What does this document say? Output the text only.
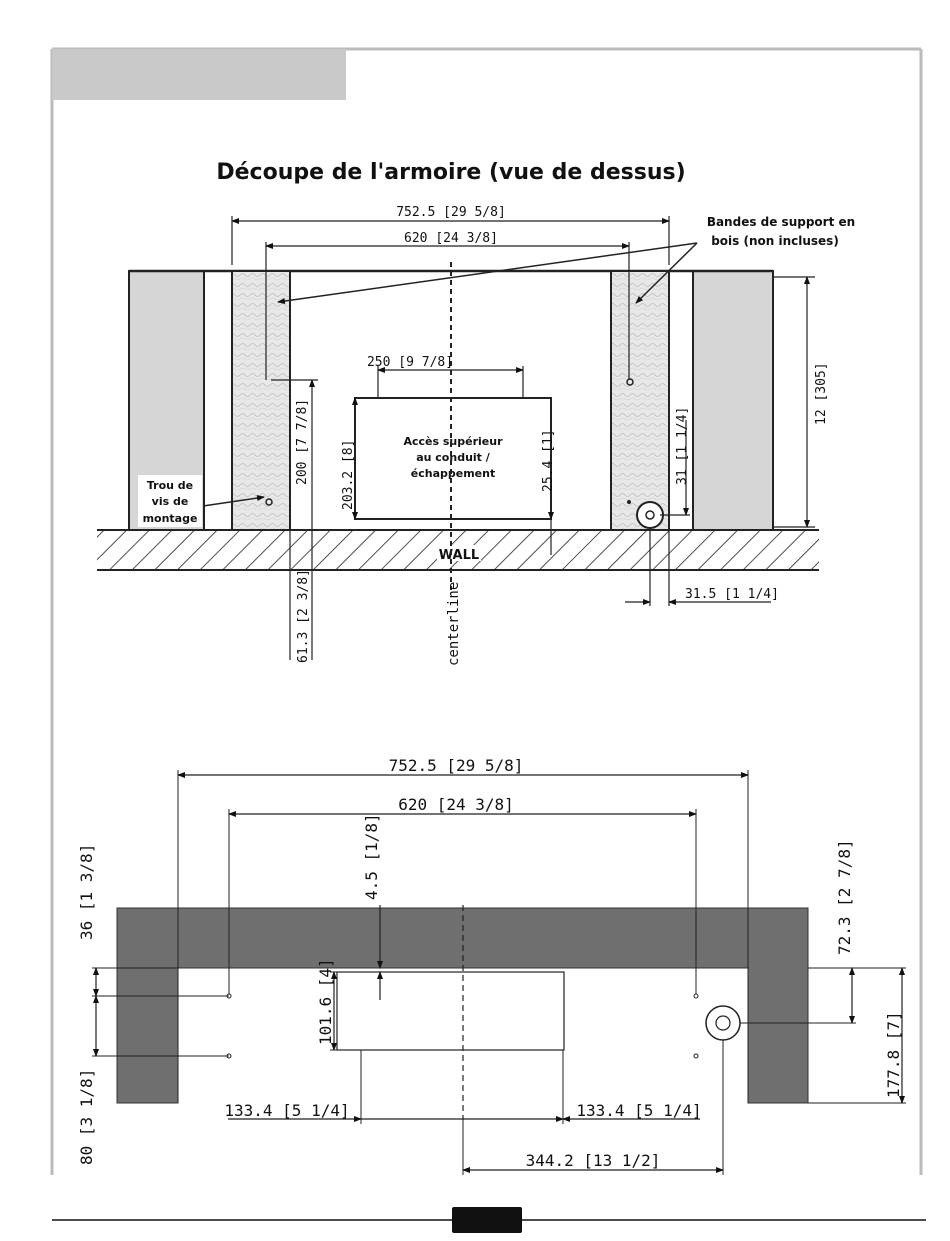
Découpe de l'armoire (vue de dessus)
WALL
Accès supérieur
au conduit /
échappement
centerline
752.5 [29 5/8]
620 [24 3/8]
Bandes de support en
bois (non incluses)
12 [305]
250 [9 7/8]
203.2 [8]
200 [7 7/8]
61.3 [2 3/8]
25.4 [1]	31 [1 1/4]
31.5 [1 1/4]
Trou de
vis de
montage
752.5 [29 5/8]
620 [24 3/8]
4.5 [1/8]
36 [1 3/8]
80 [3 1/8]
72.3 [2 7/8]
177.8 [7]
101.6 [4]
133.4 [5 1/4]	133.4 [5 1/4]
344.2 [13 1/2]
